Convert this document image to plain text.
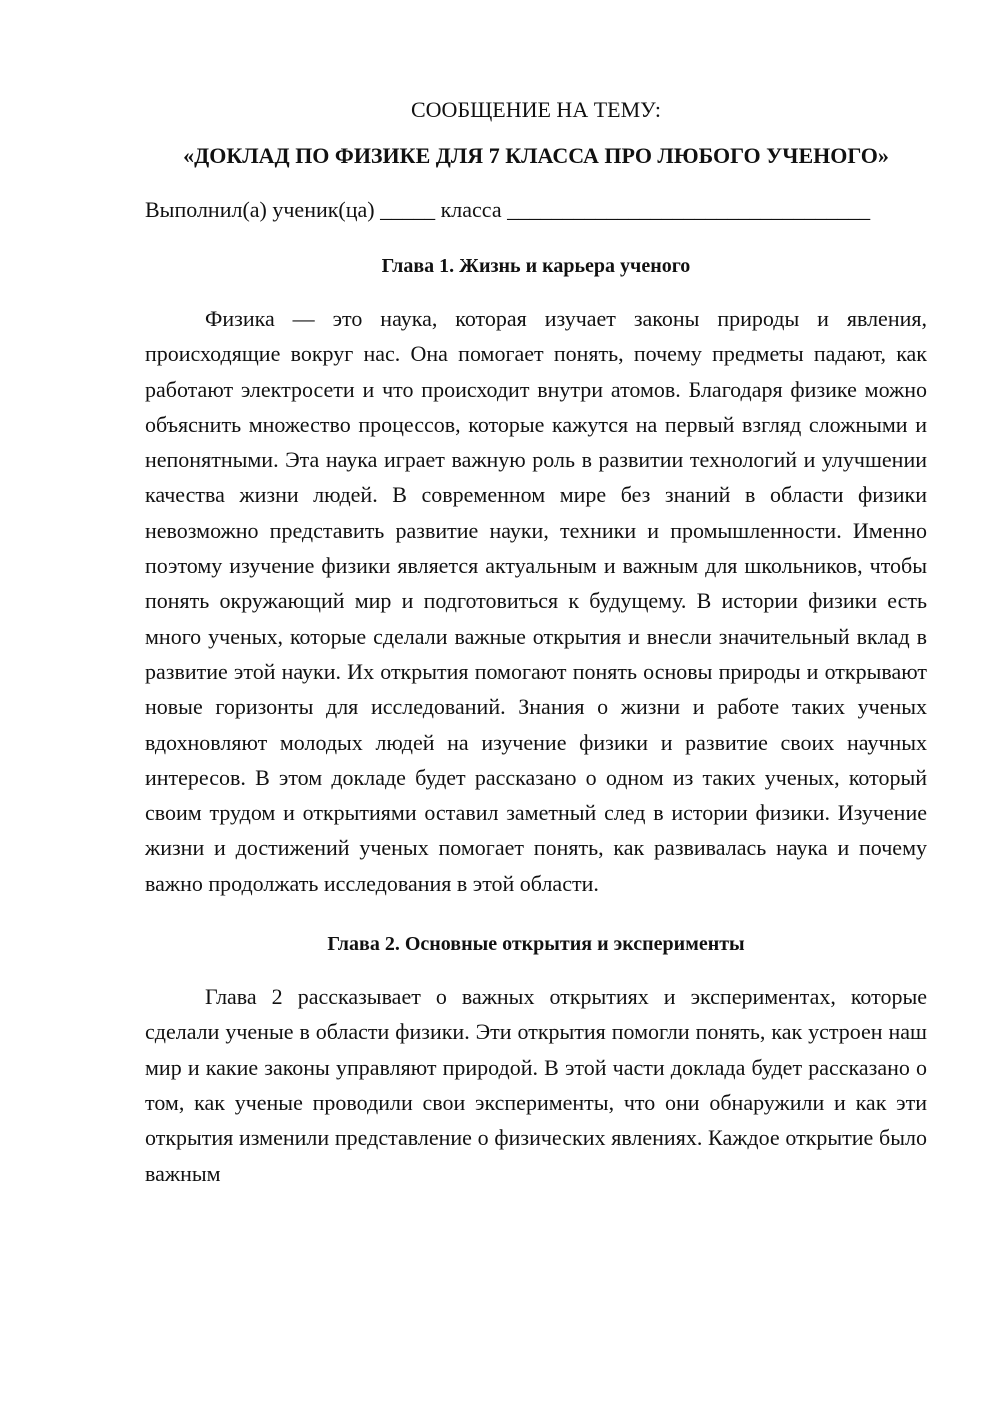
СООБЩЕНИЕ НА ТЕМУ:
«ДОКЛАД ПО ФИЗИКЕ ДЛЯ 7 КЛАССА ПРО ЛЮБОГО УЧЕНОГО»
Выполнил(а) ученик(ца) _____ класса _________________________________
Глава 1. Жизнь и карьера ученого

Физика — это наука, которая изучает законы природы и явления, происходящие вокруг нас. Она помогает понять, почему предметы падают, как работают электросети и что происходит внутри атомов. Благодаря физике можно объяснить множество процессов, которые кажутся на первый взгляд сложными и непонятными. Эта наука играет важную роль в развитии технологий и улучшении качества жизни людей. В современном мире без знаний в области физики невозможно представить развитие науки, техники и промышленности. Именно поэтому изучение физики является актуальным и важным для школьников, чтобы понять окружающий мир и подготовиться к будущему. В истории физики есть много ученых, которые сделали важные открытия и внесли значительный вклад в развитие этой науки. Их открытия помогают понять основы природы и открывают новые горизонты для исследований. Знания о жизни и работе таких ученых вдохновляют молодых людей на изучение физики и развитие своих научных интересов. В этом докладе будет рассказано о одном из таких ученых, который своим трудом и открытиями оставил заметный след в истории физики. Изучение жизни и достижений ученых помогает понять, как развивалась наука и почему важно продолжать исследования в этой области.

Глава 2. Основные открытия и эксперименты

Глава 2 рассказывает о важных открытиях и экспериментах, которые сделали ученые в области физики. Эти открытия помогли понять, как устроен наш мир и какие законы управляют природой. В этой части доклада будет рассказано о том, как ученые проводили свои эксперименты, что они обнаружили и как эти открытия изменили представление о физических явлениях. Каждое открытие было важным
